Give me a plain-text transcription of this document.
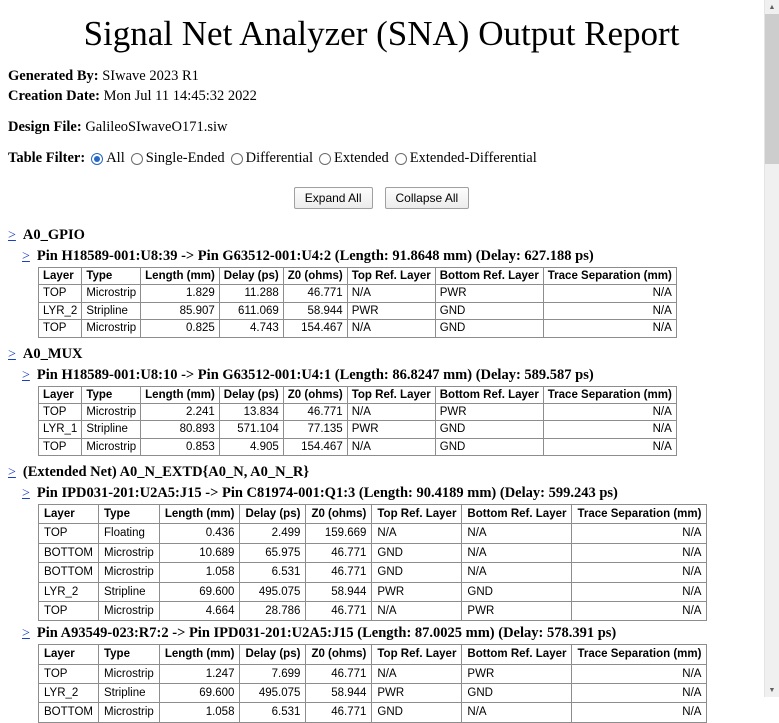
Signal Net Analyzer (SNA) Output Report
Generated By: SIwave 2023 R1
Creation Date: Mon Jul 11 14:45:32 2022
Design File: GalileoSIwaveO171.siw
Table Filter: All Single-Ended Differential Extended Extended-Differential
Expand All	Collapse All
> A0_GPIO
> Pin H18589-001:U8:39 -> Pin G63512-001:U4:2 (Length: 91.8648 mm) (Delay: 627.188 ps)
Layer	Type	Length (mm)	Delay (ps)	Z0 (ohms)	Top Ref. Layer	Bottom Ref. Layer	Trace Separation (mm)
TOP	Microstrip	1.829	11.288	46.771	N/A	PWR	N/A
LYR_2	Stripline	85.907	611.069	58.944	PWR	GND	N/A
TOP	Microstrip	0.825	4.743	154.467	N/A	GND	N/A
> A0_MUX
> Pin H18589-001:U8:10 -> Pin G63512-001:U4:1 (Length: 86.8247 mm) (Delay: 589.587 ps)
Layer	Type	Length (mm)	Delay (ps)	Z0 (ohms)	Top Ref. Layer	Bottom Ref. Layer	Trace Separation (mm)
TOP	Microstrip	2.241	13.834	46.771	N/A	PWR	N/A
LYR_1	Stripline	80.893	571.104	77.135	PWR	GND	N/A
TOP	Microstrip	0.853	4.905	154.467	N/A	GND	N/A
> (Extended Net) A0_N_EXTD{A0_N, A0_N_R}
> Pin IPD031-201:U2A5:J15 -> Pin C81974-001:Q1:3 (Length: 90.4189 mm) (Delay: 599.243 ps)
Layer	Type	Length (mm)	Delay (ps)	Z0 (ohms)	Top Ref. Layer	Bottom Ref. Layer	Trace Separation (mm)
TOP	Floating	0.436	2.499	159.669	N/A	N/A	N/A
BOTTOM	Microstrip	10.689	65.975	46.771	GND	N/A	N/A
BOTTOM	Microstrip	1.058	6.531	46.771	GND	N/A	N/A
LYR_2	Stripline	69.600	495.075	58.944	PWR	GND	N/A
TOP	Microstrip	4.664	28.786	46.771	N/A	PWR	N/A
> Pin A93549-023:R7:2 -> Pin IPD031-201:U2A5:J15 (Length: 87.0025 mm) (Delay: 578.391 ps)
Layer	Type	Length (mm)	Delay (ps)	Z0 (ohms)	Top Ref. Layer	Bottom Ref. Layer	Trace Separation (mm)
TOP	Microstrip	1.247	7.699	46.771	N/A	PWR	N/A
LYR_2	Stripline	69.600	495.075	58.944	PWR	GND	N/A
BOTTOM	Microstrip	1.058	6.531	46.771	GND	N/A	N/A
▲
▼
